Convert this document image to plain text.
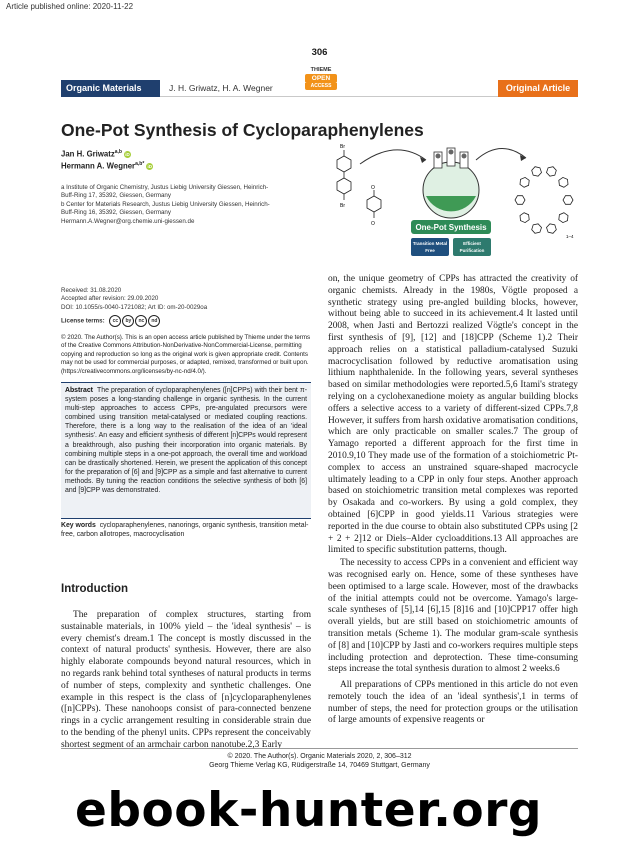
Article published online: 2020-11-22
306
Organic Materials	J. H. Griwatz, H. A. Wegner
THIEME
OPEN
ACCESS	Original Article
One-Pot Synthesis of Cycloparaphenylenes
Jan H. Griwatz$^{a,b}$ iD
Hermann A. Wegner$^{a,b*}$ iD
a Institute of Organic Chemistry, Justus Liebig University Giessen, Heinrich-Buff-Ring 17, 35392, Giessen, Germany
b Center for Materials Research, Justus Liebig University Giessen, Heinrich-Buff-Ring 16, 35392, Giessen, Germany
Hermann.A.Wegner@org.chemie.uni-giessen.de
Br
Br
O
O	One-Pot Synthesis
Transition Metal
Free
Efficient
Purification
1–4
Received: 31.08.2020
Accepted after revision: 29.09.2020
DOI: 10.1055/s-0040-1721082; Art ID: om-20-0029oa
License terms: cc by nc nd
© 2020. The Author(s). This is an open access article published by Thieme under the terms of the Creative Commons Attribution-NonDerivative-NonCommercial-License, permitting copying and reproduction so long as the original work is given appropriate credit. Contents may not be used for commercial purposes, or adapted, remixed, transformed or built upon. (https://creativecommons.org/licenses/by-nc-nd/4.0/).

Abstract The preparation of cycloparaphenylenes ([n]CPPs) with their bent π-system poses a long-standing challenge in organic synthesis. In the current multi-step approaches to access CPPs, pre-angulated precursors were combined using transition metal-catalysed or mediated coupling reactions. Therefore, there is a long way to the realisation of the idea of an 'ideal synthesis'. An easy and efficient synthesis of different [n]CPPs would represent a breakthrough, also pushing their incorporation into organic materials. By combining multiple steps in a one-pot approach, the overall time and workload can be drastically shortened. Herein, we present the application of this concept for the preparation of [6] and [9]CPP as a simple and fast alternative to current methods. By tuning the reaction conditions the selective synthesis of both [6] and [9]CPP was demonstrated.

Key words cycloparaphenylenes, nanorings, organic synthesis, transition metal-free, carbon allotropes, macrocyclisation
Introduction

The preparation of complex structures, starting from sustainable materials, in 100% yield – the 'ideal synthesis' – is every chemist's dream.1 The concept is mostly discussed in the context of natural products' synthesis. However, there are also highly elaborate compounds beyond natural resources, which in no regards rank behind total syntheses of natural products in terms of number of steps, complexity and synthetic challenges. One example in this respect is the class of [n]cycloparaphenylenes ([n]CPPs). These nanohoops consist of para-connected benzene rings in a cyclic arrangement resulting in considerable strain due to the bending of the phenyl units. CPPs represent the conceivably shortest segment of an armchair carbon nanotube.2,3 Early

on, the unique geometry of CPPs has attracted the creativity of organic chemists. Already in the 1980s, Vögtle proposed a synthetic strategy using pre-angled building blocks, however, without being able to succeed in its achievement.4 It lasted until 2008, when Jasti and Bertozzi realized Vögtle's concept in the first synthesis of [9], [12] and [18]CPP (Scheme 1).2 Their approach relies on a statistical palladium-catalysed Suzuki macrocyclisation followed by reductive aromatisation using lithium naphthalenide. In the following years, several syntheses based on similar methodologies were reported.5,6 Itami's strategy relying on a cyclohexanedione moiety as angular building blocks offers a selective access to a variety of different-sized CPPs.7,8 However, it suffers from harsh oxidative aromatisation conditions, which are only practicable on smaller scales.7 The group of Yamago reported a different approach for the first time in 2010.9,10 They made use of the formation of a stoichiometric Pt-complex to access an unstrained square-shaped macrocycle ultimately leading to a CPP in only four steps. Another approach based on stoichiometric transition metal complexes was reported by Osakada and co-workers. By using a gold complex, they obtained [6]CPP in good yields.11 Various strategies were reported in the due course to obtain also substituted CPPs using [2 + 2 + 2]12 or Diels–Alder cycloadditions.13 All approaches are limited to specific substitution patterns, though.

The necessity to access CPPs in a convenient and efficient way was recognised early on. Hence, some of these syntheses have been optimised to a large scale. However, most of the drawbacks of the initial attempts could not be overcome. Yamago's large-scale syntheses of [5],14 [6],15 [8]16 and [10]CPP17 offer high overall yields, but are still based on stoichiometric amounts of transition metals (Scheme 1). The modular gram-scale synthesis of [8] and [10]CPP by Jasti and co-workers requires multiple steps including protection and deprotection. These time-consuming steps increase the total synthesis duration to almost 2 weeks.6

All preparations of CPPs mentioned in this article do not even remotely touch the idea of an 'ideal synthesis',1 in terms of number of steps, the need for protection groups or the utilisation of large amounts of expensive reagents or

© 2020. The Author(s). Organic Materials 2020, 2, 306–312
Georg Thieme Verlag KG, Rüdigerstraße 14, 70469 Stuttgart, Germany
ebook-hunter.org
